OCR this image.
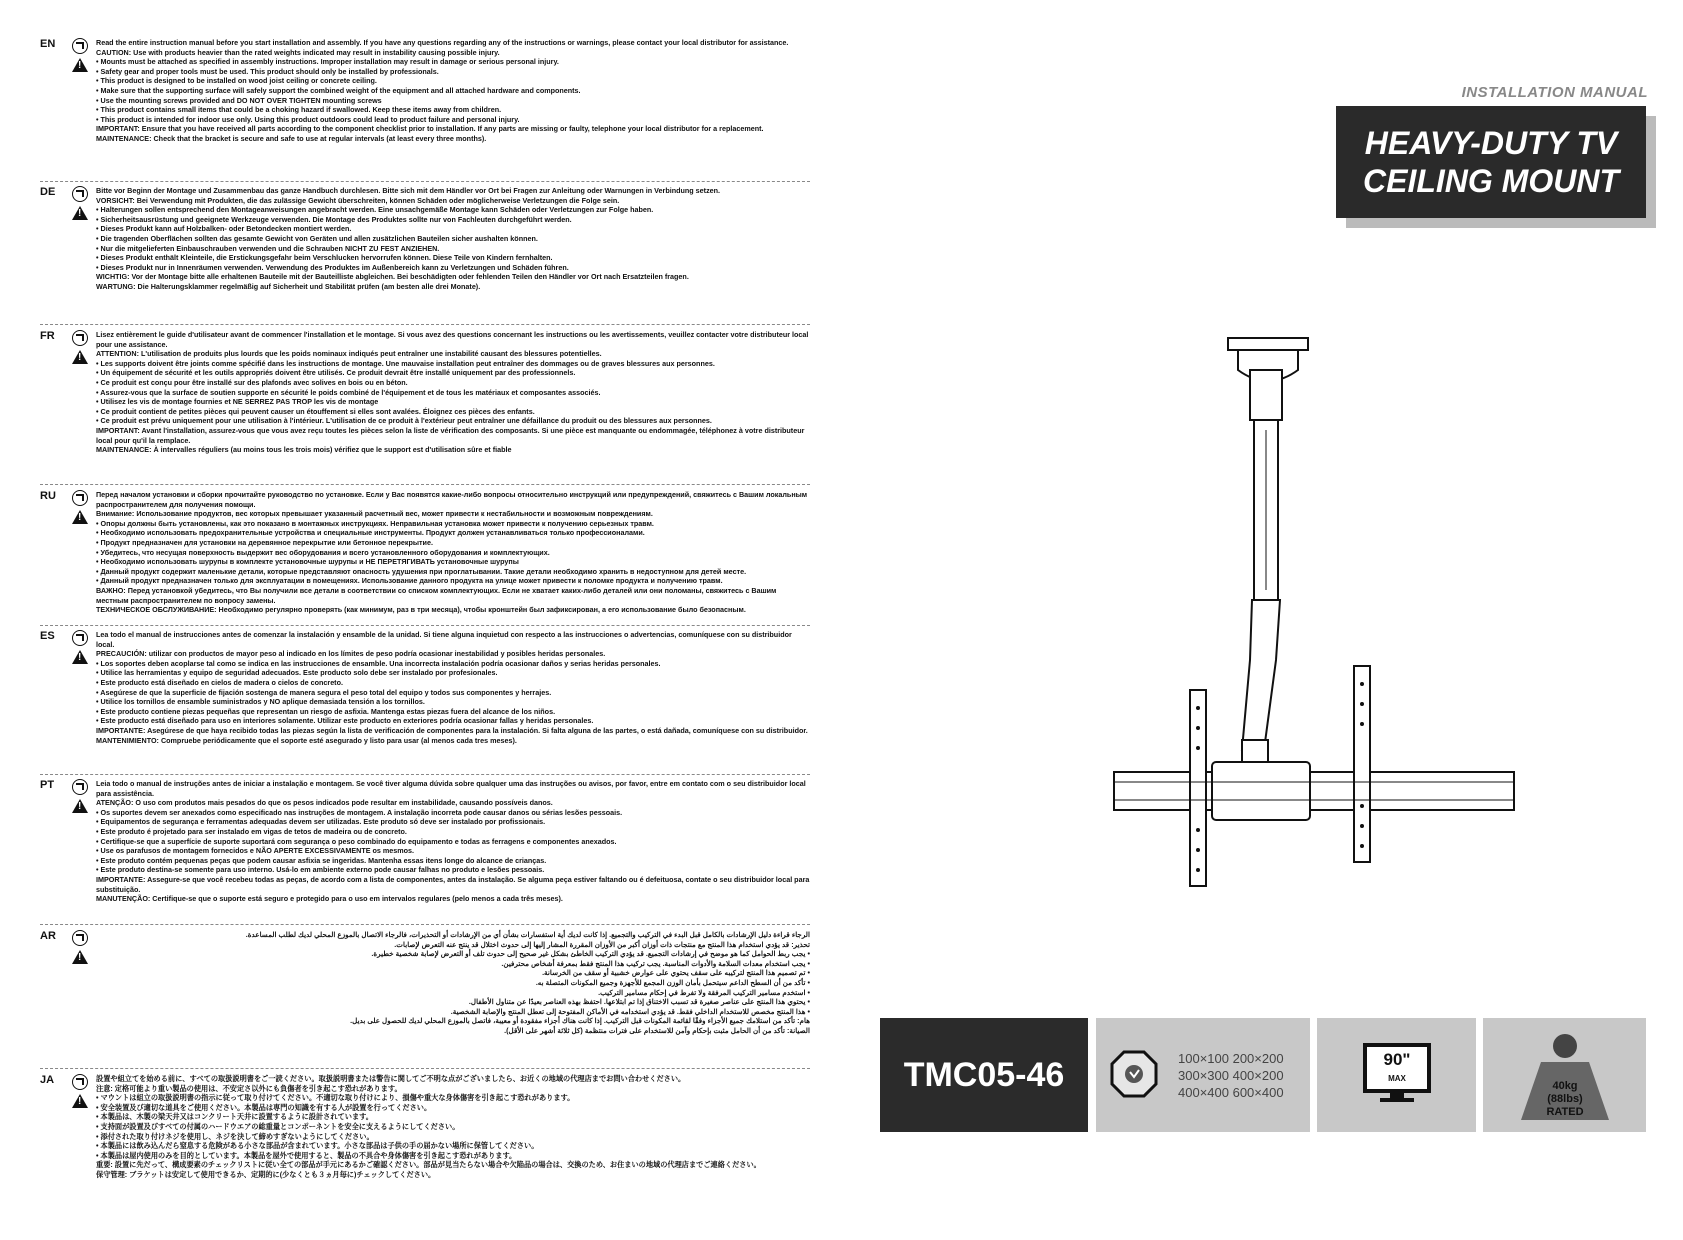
EN
!	Read the entire instruction manual before you start installation and assembly. If you have any questions regarding any of the instructions or warnings, please contact your local distributor for assistance.

CAUTION: Use with products heavier than the rated weights indicated may result in instability causing possible injury.

• Mounts must be attached as specified in assembly instructions. Improper installation may result in damage or serious personal injury.
• Safety gear and proper tools must be used. This product should only be installed by professionals.
• This product is designed to be installed on wood joist ceiling or concrete ceiling.
• Make sure that the supporting surface will safely support the combined weight of the equipment and all attached hardware and components.
• Use the mounting screws provided and DO NOT OVER TIGHTEN mounting screws
• This product contains small items that could be a choking hazard if swallowed. Keep these items away from children.
• This product is intended for indoor use only. Using this product outdoors could lead to product failure and personal injury.

IMPORTANT: Ensure that you have received all parts according to the component checklist prior to installation. If any parts are missing or faulty, telephone your local distributor for a replacement.

MAINTENANCE: Check that the bracket is secure and safe to use at regular intervals (at least every three months).

DE
!	Bitte vor Beginn der Montage und Zusammenbau das ganze Handbuch durchlesen. Bitte sich mit dem Händler vor Ort bei Fragen zur Anleitung oder Warnungen in Verbindung setzen.

VORSICHT: Bei Verwendung mit Produkten, die das zulässige Gewicht überschreiten, können Schäden oder möglicherweise Verletzungen die Folge sein.

• Halterungen sollen entsprechend den Montageanweisungen angebracht werden. Eine unsachgemäße Montage kann Schäden oder Verletzungen zur Folge haben.
• Sicherheitsausrüstung und geeignete Werkzeuge verwenden. Die Montage des Produktes sollte nur von Fachleuten durchgeführt werden.
• Dieses Produkt kann auf Holzbalken- oder Betondecken montiert werden.
• Die tragenden Oberflächen sollten das gesamte Gewicht von Geräten und allen zusätzlichen Bauteilen sicher aushalten können.
• Nur die mitgelieferten Einbauschrauben verwenden und die Schrauben NICHT ZU FEST ANZIEHEN.
• Dieses Produkt enthält Kleinteile, die Erstickungsgefahr beim Verschlucken hervorrufen können. Diese Teile von Kindern fernhalten.
• Dieses Produkt nur in Innenräumen verwenden. Verwendung des Produktes im Außenbereich kann zu Verletzungen und Schäden führen.

WICHTIG: Vor der Montage bitte alle erhaltenen Bauteile mit der Bauteilliste abgleichen. Bei beschädigten oder fehlenden Teilen den Händler vor Ort nach Ersatzteilen fragen.

WARTUNG: Die Halterungsklammer regelmäßig auf Sicherheit und Stabilität prüfen (am besten alle drei Monate).

FR
!	Lisez entièrement le guide d'utilisateur avant de commencer l'installation et le montage. Si vous avez des questions concernant les instructions ou les avertissements, veuillez contacter votre distributeur local pour une assistance.

ATTENTION: L'utilisation de produits plus lourds que les poids nominaux indiqués peut entraîner une instabilité causant des blessures potentielles.

• Les supports doivent être joints comme spécifié dans les instructions de montage. Une mauvaise installation peut entraîner des dommages ou de graves blessures aux personnes.
• Un équipement de sécurité et les outils appropriés doivent être utilisés. Ce produit devrait être installé uniquement par des professionnels.
• Ce produit est conçu pour être installé sur des plafonds avec solives en bois ou en béton.
• Assurez-vous que la surface de soutien supporte en sécurité le poids combiné de l'équipement et de tous les matériaux et composantes associés.
• Utilisez les vis de montage fournies et NE SERREZ PAS TROP les vis de montage
• Ce produit contient de petites pièces qui peuvent causer un étouffement si elles sont avalées. Éloignez ces pièces des enfants.
• Ce produit est prévu uniquement pour une utilisation à l'intérieur. L'utilisation de ce produit à l'extérieur peut entraîner une défaillance du produit ou des blessures aux personnes.

IMPORTANT: Avant l'installation, assurez-vous que vous avez reçu toutes les pièces selon la liste de vérification des composants. Si une pièce est manquante ou endommagée, téléphonez à votre distributeur local pour qu'il la remplace.

MAINTENANCE: À intervalles réguliers (au moins tous les trois mois) vérifiez que le support est d'utilisation sûre et fiable

RU
!	Перед началом установки и сборки прочитайте руководство по установке. Если у Вас появятся какие-либо вопросы относительно инструкций или предупреждений, свяжитесь с Вашим локальным распространителем для получения помощи.

Внимание: Использование продуктов, вес которых превышает указанный расчетный вес, может привести к нестабильности и возможным повреждениям.

• Опоры должны быть установлены, как это показано в монтажных инструкциях. Неправильная установка может привести к получению серьезных травм.
• Необходимо использовать предохранительные устройства и специальные инструменты. Продукт должен устанавливаться только профессионалами.
• Продукт предназначен для установки на деревянное перекрытие или бетонное перекрытие.
• Убедитесь, что несущая поверхность выдержит вес оборудования и всего установленного оборудования и комплектующих.
• Необходимо использовать шурупы в комплекте установочные шурупы и НЕ ПЕРЕТЯГИВАТЬ установочные шурупы
• Данный продукт содержит маленькие детали, которые представляют опасность удушения при проглатывании. Такие детали необходимо хранить в недоступном для детей месте.
• Данный продукт предназначен только для эксплуатации в помещениях. Использование данного продукта на улице может привести к поломке продукта и получению травм.

ВАЖНО: Перед установкой убедитесь, что Вы получили все детали в соответствии со списком комплектующих. Если не хватает каких-либо деталей или они поломаны, свяжитесь с Вашим местным распространителем по вопросу замены.

ТЕХНИЧЕСКОЕ ОБСЛУЖИВАНИЕ: Необходимо регулярно проверять (как минимум, раз в три месяца), чтобы кронштейн был зафиксирован, а его использование было безопасным.

ES
!	Lea todo el manual de instrucciones antes de comenzar la instalación y ensamble de la unidad. Si tiene alguna inquietud con respecto a las instrucciones o advertencias, comuníquese con su distribuidor local.

PRECAUCIÓN: utilizar con productos de mayor peso al indicado en los límites de peso podría ocasionar inestabilidad y posibles heridas personales.

• Los soportes deben acoplarse tal como se indica en las instrucciones de ensamble. Una incorrecta instalación podría ocasionar daños y serias heridas personales.
• Utilice las herramientas y equipo de seguridad adecuados. Este producto solo debe ser instalado por profesionales.
• Este producto está diseñado en cielos de madera o cielos de concreto.
• Asegúrese de que la superficie de fijación sostenga de manera segura el peso total del equipo y todos sus componentes y herrajes.
• Utilice los tornillos de ensamble suministrados y NO aplique demasiada tensión a los tornillos.
• Este producto contiene piezas pequeñas que representan un riesgo de asfixia. Mantenga estas piezas fuera del alcance de los niños.
• Este producto está diseñado para uso en interiores solamente. Utilizar este producto en exteriores podría ocasionar fallas y heridas personales.

IMPORTANTE: Asegúrese de que haya recibido todas las piezas según la lista de verificación de componentes para la instalación. Si falta alguna de las partes, o está dañada, comuníquese con su distribuidor.

MANTENIMIENTO: Compruebe periódicamente que el soporte esté asegurado y listo para usar (al menos cada tres meses).

PT
!	Leia todo o manual de instruções antes de iniciar a instalação e montagem. Se você tiver alguma dúvida sobre qualquer uma das instruções ou avisos, por favor, entre em contato com o seu distribuidor local para assistência.

ATENÇÃO: O uso com produtos mais pesados do que os pesos indicados pode resultar em instabilidade, causando possíveis danos.

• Os suportes devem ser anexados como especificado nas instruções de montagem. A instalação incorreta pode causar danos ou sérias lesões pessoais.
• Equipamentos de segurança e ferramentas adequadas devem ser utilizadas. Este produto só deve ser instalado por profissionais.
• Este produto é projetado para ser instalado em vigas de tetos de madeira ou de concreto.
• Certifique-se que a superfície de suporte suportará com segurança o peso combinado do equipamento e todas as ferragens e componentes anexados.
• Use os parafusos de montagem fornecidos e NÃO APERTE EXCESSIVAMENTE os mesmos.
• Este produto contém pequenas peças que podem causar asfixia se ingeridas. Mantenha essas itens longe do alcance de crianças.
• Este produto destina-se somente para uso interno. Usá-lo em ambiente externo pode causar falhas no produto e lesões pessoais.

IMPORTANTE: Assegure-se que você recebeu todas as peças, de acordo com a lista de componentes, antes da instalação. Se alguma peça estiver faltando ou é defeituosa, contate o seu distribuidor local para substituição.

MANUTENÇÃO: Certifique-se que o suporte está seguro e protegido para o uso em intervalos regulares (pelo menos a cada três meses).

AR
!	الرجاء قراءة دليل الإرشادات بالكامل قبل البدء في التركيب والتجميع. إذا كانت لديك أية استفسارات بشأن أي من الإرشادات أو التحذيرات، فالرجاء الاتصال بالموزع المحلي لديك لطلب المساعدة.

تحذير: قد يؤدي استخدام هذا المنتج مع منتجات ذات أوزان أكبر من الأوزان المقررة المشار إليها إلى حدوث اختلال قد ينتج عنه التعرض لإصابات.

• يجب ربط الحوامل كما هو موضح في إرشادات التجميع. قد يؤدي التركيب الخاطئ بشكل غير صحيح إلى حدوث تلف أو التعرض لإصابة شخصية خطيرة.
• يجب استخدام معدات السلامة والأدوات المناسبة. يجب تركيب هذا المنتج فقط بمعرفة أشخاص محترفين.
• تم تصميم هذا المنتج لتركيبه على سقف يحتوي على عوارض خشبية أو سقف من الخرسانة.
• تأكد من أن السطح الداعم سيتحمل بأمان الوزن المجمع للأجهزة وجميع المكونات المتصلة به.
• استخدم مسامير التركيب المرفقة ولا تفرط في إحكام مسامير التركيب.
• يحتوي هذا المنتج على عناصر صغيرة قد تسبب الاختناق إذا تم ابتلاعها. احتفظ بهذه العناصر بعيدًا عن متناول الأطفال.
• هذا المنتج مخصص للاستخدام الداخلي فقط. قد يؤدي استخدامه في الأماكن المفتوحة إلى تعطل المنتج والإصابة الشخصية.

هام: تأكد من استلامك جميع الأجزاء وفقًا لقائمة المكونات قبل التركيب. إذا كانت هناك أجزاء مفقودة أو معيبة، فاتصل بالموزع المحلي لديك للحصول على بديل.

الصيانة: تأكد من أن الحامل مثبت بإحكام وآمن للاستخدام على فترات منتظمة (كل ثلاثة أشهر على الأقل).

JA
!	設置や組立てを始める前に、すべての取扱説明書をご一読ください。取扱説明書または警告に関してご不明な点がございましたら、お近くの地域の代理店までお問い合わせください。

注意: 定格可能より重い製品の使用は、不安定さ以外にも負傷者を引き起こす恐れがあります。

• マウントは組立の取扱説明書の指示に従って取り付けてください。不適切な取り付けにより、損傷や重大な身体傷害を引き起こす恐れがあります。
• 安全装置及び適切な道具をご使用ください。本製品は専門の知識を有する人が設置を行ってください。
• 本製品は、木製の梁天井又はコンクリート天井に設置するように設計されています。
• 支持面が設置及びすべての付属のハードウエアの総重量とコンポーネントを安全に支えるようにしてください。
• 添付された取り付けネジを使用し、ネジを決して締めすぎないようにしてください。
• 本製品には飲み込んだら窒息する危険がある小さな部品が含まれています。小さな部品は子供の手の届かない場所に保管してください。
• 本製品は屋内使用のみを目的としています。本製品を屋外で使用すると、製品の不具合や身体傷害を引き起こす恐れがあります。

重要: 設置に先だって、構成要素のチェックリストに従い全ての部品が手元にあるかご確認ください。部品が見当たらない場合や欠陥品の場合は、交換のため、お住まいの地域の代理店までご連絡ください。

保守管理: ブラケットは安定して使用できるか、定期的に(少なくとも３ヵ月毎に)チェックしてください。

INSTALLATION MANUAL
HEAVY-DUTY TV
CEILING MOUNT
TMC05-46	100×100 200×200
300×300 400×200
400×400 600×400
90"
MAX
40kg
(88lbs)
RATED
